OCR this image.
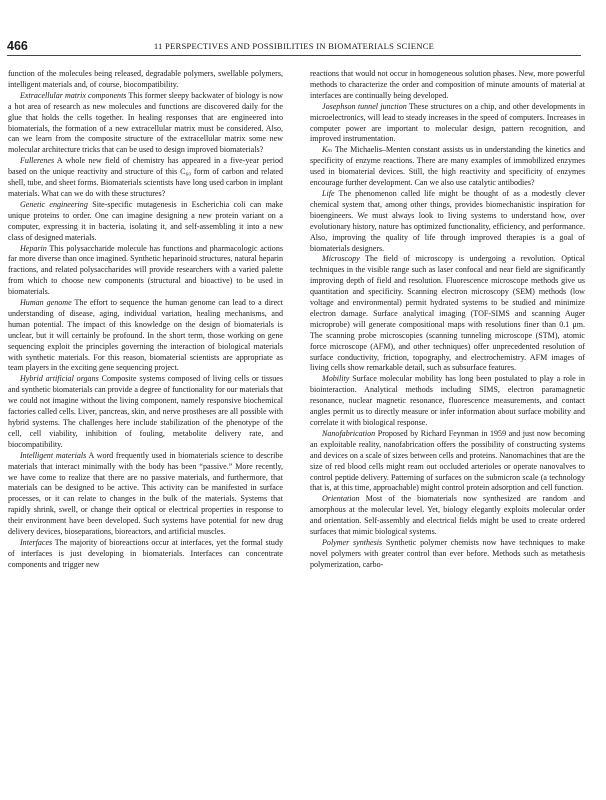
466	11 PERSPECTIVES AND POSSIBILITIES IN BIOMATERIALS SCIENCE

function of the molecules being released, degradable polymers, swellable polymers, intelligent materials and, of course, biocompatibility.

Extracellular matrix components This former sleepy backwater of biology is now a hot area of research as new molecules and functions are discovered daily for the glue that holds the cells together. In healing responses that are engineered into biomaterials, the formation of a new extracellular matrix must be considered. Also, can we learn from the composite structure of the extracellular matrix some new molecular architecture tricks that can be used to design improved biomaterials?

Fullerenes A whole new field of chemistry has appeared in a five-year period based on the unique reactivity and structure of this C₆₀ form of carbon and related shell, tube, and sheet forms. Biomaterials scientists have long used carbon in implant materials. What can we do with these structures?

Genetic engineering Site-specific mutagenesis in Escherichia coli can make unique proteins to order. One can imagine designing a new protein variant on a computer, expressing it in bacteria, isolating it, and self-assembling it into a new class of designed materials.

Heparin This polysaccharide molecule has functions and pharmacologic actions far more diverse than once imagined. Synthetic heparinoid structures, natural heparin fractions, and related polysaccharides will provide researchers with a varied palette from which to choose new components (structural and bioactive) to be used in biomaterials.

Human genome The effort to sequence the human genome can lead to a direct understanding of disease, aging, individual variation, healing mechanisms, and human potential. The impact of this knowledge on the design of biomaterials is unclear, but it will certainly be profound. In the short term, those working on gene sequencing exploit the principles governing the interaction of biological materials with synthetic materials. For this reason, biomaterial scientists are appropriate as team players in the exciting gene sequencing project.

Hybrid artificial organs Composite systems composed of living cells or tissues and synthetic biomaterials can provide a degree of functionality for our materials that we could not imagine without the living component, namely responsive biochemical factories called cells. Liver, pancreas, skin, and nerve prostheses are all possible with hybrid systems. The challenges here include stabilization of the phenotype of the cell, cell viability, inhibition of fouling, metabolite delivery rate, and biocompatibility.

Intelligent materials A word frequently used in biomaterials science to describe materials that interact minimally with the body has been “passive.” More recently, we have come to realize that there are no passive materials, and furthermore, that materials can be designed to be active. This activity can be manifested in surface processes, or it can relate to changes in the bulk of the materials. Systems that rapidly shrink, swell, or change their optical or electrical properties in response to their environment have been developed. Such systems have potential for new drug delivery devices, bioseparations, bioreactors, and artificial muscles.

Interfaces The majority of bioreactions occur at interfaces, yet the formal study of interfaces is just developing in biomaterials. Interfaces can concentrate components and trigger new

reactions that would not occur in homogeneous solution phases. New, more powerful methods to characterize the order and composition of minute amounts of material at interfaces are continually being developed.

Josephson tunnel junction These structures on a chip, and other developments in microelectronics, will lead to steady increases in the speed of computers. Increases in computer power are important to molecular design, pattern recognition, and improved instrumentation.

Kₘ The Michaelis–Menten constant assists us in understanding the kinetics and specificity of enzyme reactions. There are many examples of immobilized enzymes used in biomaterial devices. Still, the high reactivity and specificity of enzymes encourage further development. Can we also use catalytic antibodies?

Life The phenomenon called life might be thought of as a modestly clever chemical system that, among other things, provides biomechanistic inspiration for bioengineers. We must always look to living systems to understand how, over evolutionary history, nature has optimized functionality, efficiency, and performance. Also, improving the quality of life through improved therapies is a goal of biomaterials designers.

Microscopy The field of microscopy is undergoing a revolution. Optical techniques in the visible range such as laser confocal and near field are significantly improving depth of field and resolution. Fluorescence microscope methods give us quantitation and specificity. Scanning electron microscopy (SEM) methods (low voltage and environmental) permit hydrated systems to be studied and minimize electron damage. Surface analytical imaging (TOF-SIMS and scanning Auger microprobe) will generate compositional maps with resolutions finer than 0.1 μm. The scanning probe microscopies (scanning tunneling microscope (STM), atomic force microscope (AFM), and other techniques) offer unprecedented resolution of surface conductivity, friction, topography, and electrochemistry. AFM images of living cells show remarkable detail, such as subsurface features.

Mobility Surface molecular mobility has long been postulated to play a role in biointeraction. Analytical methods including SIMS, electron paramagnetic resonance, nuclear magnetic resonance, fluorescence measurements, and contact angles permit us to directly measure or infer information about surface mobility and correlate it with biological response.

Nanofabrication Proposed by Richard Feynman in 1959 and just now becoming an exploitable reality, nanofabrication offers the possibility of constructing systems and devices on a scale of sizes between cells and proteins. Nanomachines that are the size of red blood cells might ream out occluded arterioles or operate nanovalves to control peptide delivery. Patterning of surfaces on the submicron scale (a technology that is, at this time, approachable) might control protein adsorption and cell function.

Orientation Most of the biomaterials now synthesized are random and amorphous at the molecular level. Yet, biology elegantly exploits molecular order and orientation. Self-assembly and electrical fields might be used to create ordered surfaces that mimic biological systems.

Polymer synthesis Synthetic polymer chemists now have techniques to make novel polymers with greater control than ever before. Methods such as metathesis polymerization, carbo-
